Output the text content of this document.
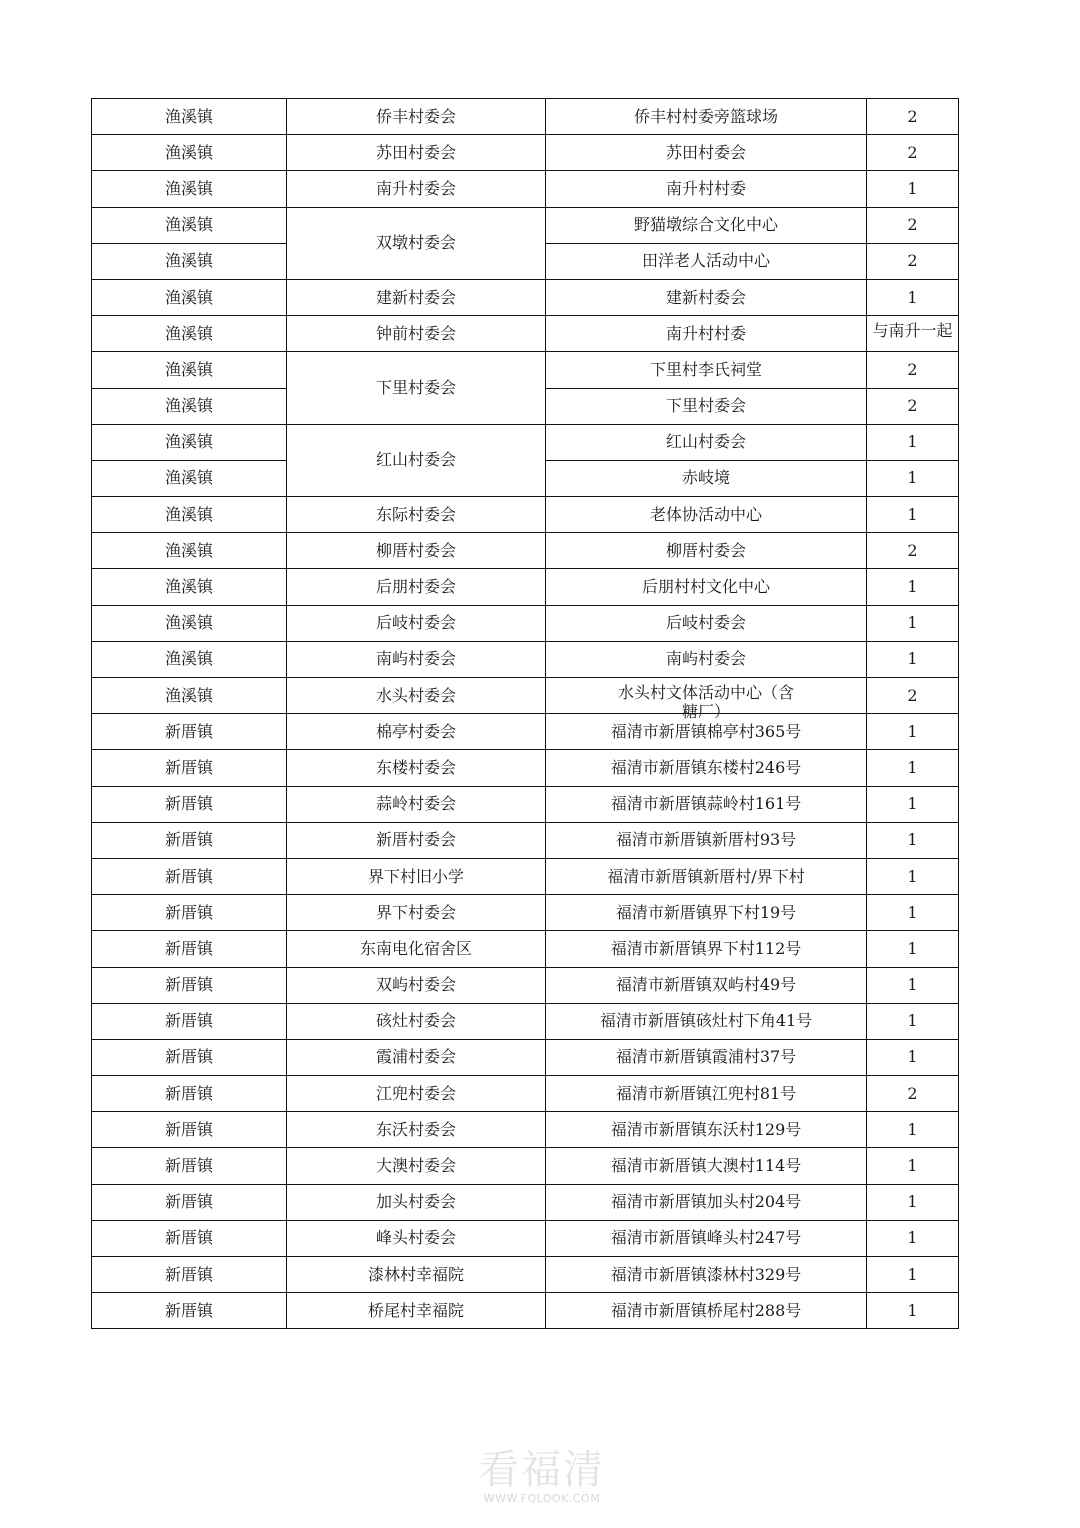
渔溪镇	侨丰村委会	侨丰村村委旁篮球场	2
渔溪镇	苏田村委会	苏田村委会	2
渔溪镇	南升村委会	南升村村委	1
渔溪镇	双墩村委会	野猫墩综合文化中心	2
渔溪镇		田洋老人活动中心	2
渔溪镇	建新村委会	建新村委会	1
渔溪镇	钟前村委会	南升村村委	与南升一起

渔溪镇	下里村委会	下里村李氏祠堂	2
渔溪镇		下里村委会	2
渔溪镇	红山村委会	红山村委会	1
渔溪镇		赤岐境	1
渔溪镇	东际村委会	老体协活动中心	1
渔溪镇	柳厝村委会	柳厝村委会	2
渔溪镇	后朋村委会	后朋村村文化中心	1
渔溪镇	后岐村委会	后岐村委会	1
渔溪镇	南屿村委会	南屿村委会	1
渔溪镇	水头村委会	水头村文体活动中心（含糖厂）	2
新厝镇	棉亭村委会	福清市新厝镇棉亭村365号	1
新厝镇	东楼村委会	福清市新厝镇东楼村246号	1
新厝镇	蒜岭村委会	福清市新厝镇蒜岭村161号	1
新厝镇	新厝村委会	福清市新厝镇新厝村93号	1
新厝镇	界下村旧小学	福清市新厝镇新厝村/界下村	1
新厝镇	界下村委会	福清市新厝镇界下村19号	1
新厝镇	东南电化宿舍区	福清市新厝镇界下村112号	1
新厝镇	双屿村委会	福清市新厝镇双屿村49号	1
新厝镇	硋灶村委会	福清市新厝镇硋灶村下角41号	1
新厝镇	霞浦村委会	福清市新厝镇霞浦村37号	1
新厝镇	江兜村委会	福清市新厝镇江兜村81号	2
新厝镇	东沃村委会	福清市新厝镇东沃村129号	1
新厝镇	大澳村委会	福清市新厝镇大澳村114号	1
新厝镇	加头村委会	福清市新厝镇加头村204号	1
新厝镇	峰头村委会	福清市新厝镇峰头村247号	1
新厝镇	漆林村幸福院	福清市新厝镇漆林村329号	1
新厝镇	桥尾村幸福院	福清市新厝镇桥尾村288号	1
看福清
WWW.FQLOOK.COM
